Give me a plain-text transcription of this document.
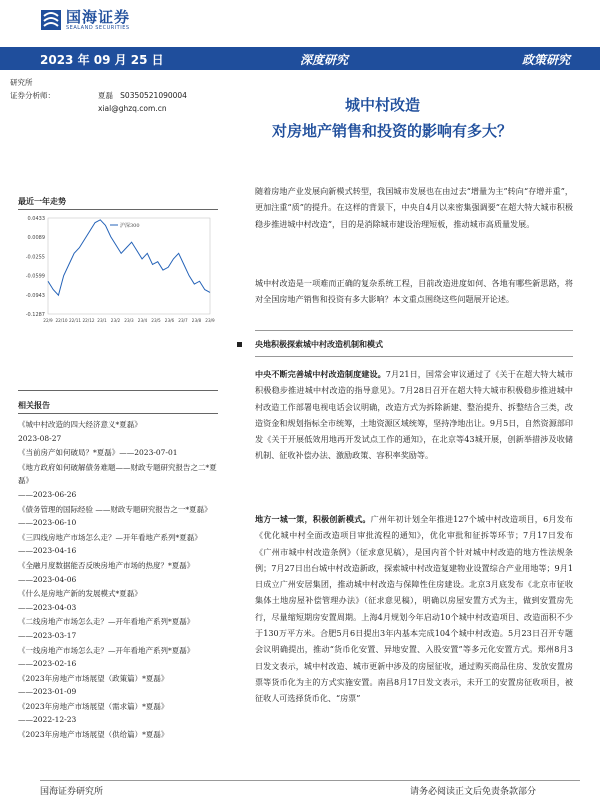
国海证券
SEALAND SECURITIES
2023 年 09 月 25 日	深度研究	政策研究
研究所
证券分析师：	夏磊 S0350521090004
xial@ghzq.com.cn	城中村改造
对房地产销售和投资的影响有多大？
最近一年走势
0.0433
0.0089
-0.0255
-0.0599
-0.0943
-0.1287
22/9 22/10 22/11 22/12 23/1 23/2 23/3 23/4 23/5 23/6 23/7 23/8 23/9
沪深300
相关报告
《城中村改造的四大经济意义*夏磊》
2023-08-27
《当前房产如何破局？*夏磊》——2023-07-01
《地方政府如何破解债务难题——财政专题研究报告之二*夏磊》
——2023-06-26
《债务管理的国际经验 ——财政专题研究报告之一*夏磊》
——2023-06-10
《三四线房地产市场怎么走？—开年看地产系列*夏磊》
——2023-04-16
《全融月度数据能否反映房地产市场的热度？*夏磊》
——2023-04-06
《什么是房地产新的发展模式*夏磊》
——2023-04-03
《二线房地产市场怎么走？—开年看地产系列*夏磊》
——2023-03-17
《一线房地产市场怎么走？—开年看地产系列*夏磊》
——2023-02-16
《2023年房地产市场展望（政策篇）*夏磊》
——2023-01-09
《2023年房地产市场展望（需求篇）*夏磊》
——2022-12-23
《2023年房地产市场展望（供给篇）*夏磊》
随着房地产业发展向新模式转型，我国城市发展也在由过去“增量为主”转向“存增并重”，更加注重“质”的提升。在这样的背景下，中央自4月以来密集强调要“在超大特大城市积极稳步推进城中村改造”，目的是消除城市建设治理短板，推动城市高质量发展。
城中村改造是一项难而正确的复杂系统工程，目前改造进度如何、各地有哪些新思路，将对全国房地产销售和投资有多大影响？本文重点围绕这些问题展开论述。
央地积极探索城中村改造机制和模式
中央不断完善城中村改造制度建设。7月21日，国常会审议通过了《关于在超大特大城市积极稳步推进城中村改造的指导意见》。7月28日召开在超大特大城市积极稳步推进城中村改造工作部署电视电话会议明确，改造方式为拆除新建、整治提升、拆整结合三类，改造资金和规划指标全市统筹，土地资源区域统筹，坚持净地出让。9月5日，自然资源部印发《关于开展低效用地再开发试点工作的通知》，在北京等43城开展，创新举措涉及收储机制、征收补偿办法、激励政策、容积率奖励等。
地方一城一策，积极创新模式。广州年初计划全年推进127个城中村改造项目，6月发布《优化城中村全面改造项目审批流程的通知》，优化审批和征拆等环节；7月17日发布《广州市城中村改造条例》（征求意见稿），是国内首个针对城中村改造的地方性法规条例；7月27日出台城中村改造新政，探索城中村改造复建物业设置综合产业用地等；9月1日成立广州安居集团，推动城中村改造与保障性住房建设。北京3月底发布《北京市征收集体土地房屋补偿管理办法》（征求意见稿），明确以房屋安置方式为主，做到安置房先行，尽量缩短期房安置周期。上海4月规划今年启动10个城中村改造项目、改造面积不少于130万平方米。合肥5月6日提出3年内基本完成104个城中村改造。5月23日召开专题会议明确提出，推动“货币化安置、异地安置、入股安置”等多元化安置方式。郑州8月3日发文表示，城中村改造、城市更新中涉及的房屋征收，通过购买商品住房、发放安置房票等货币化为主的方式实施安置。南昌8月17日发文表示，未开工的安置房征收项目，被征收人可选择货币化、“房票”
国海证券研究所	请务必阅读正文后免责条款部分
